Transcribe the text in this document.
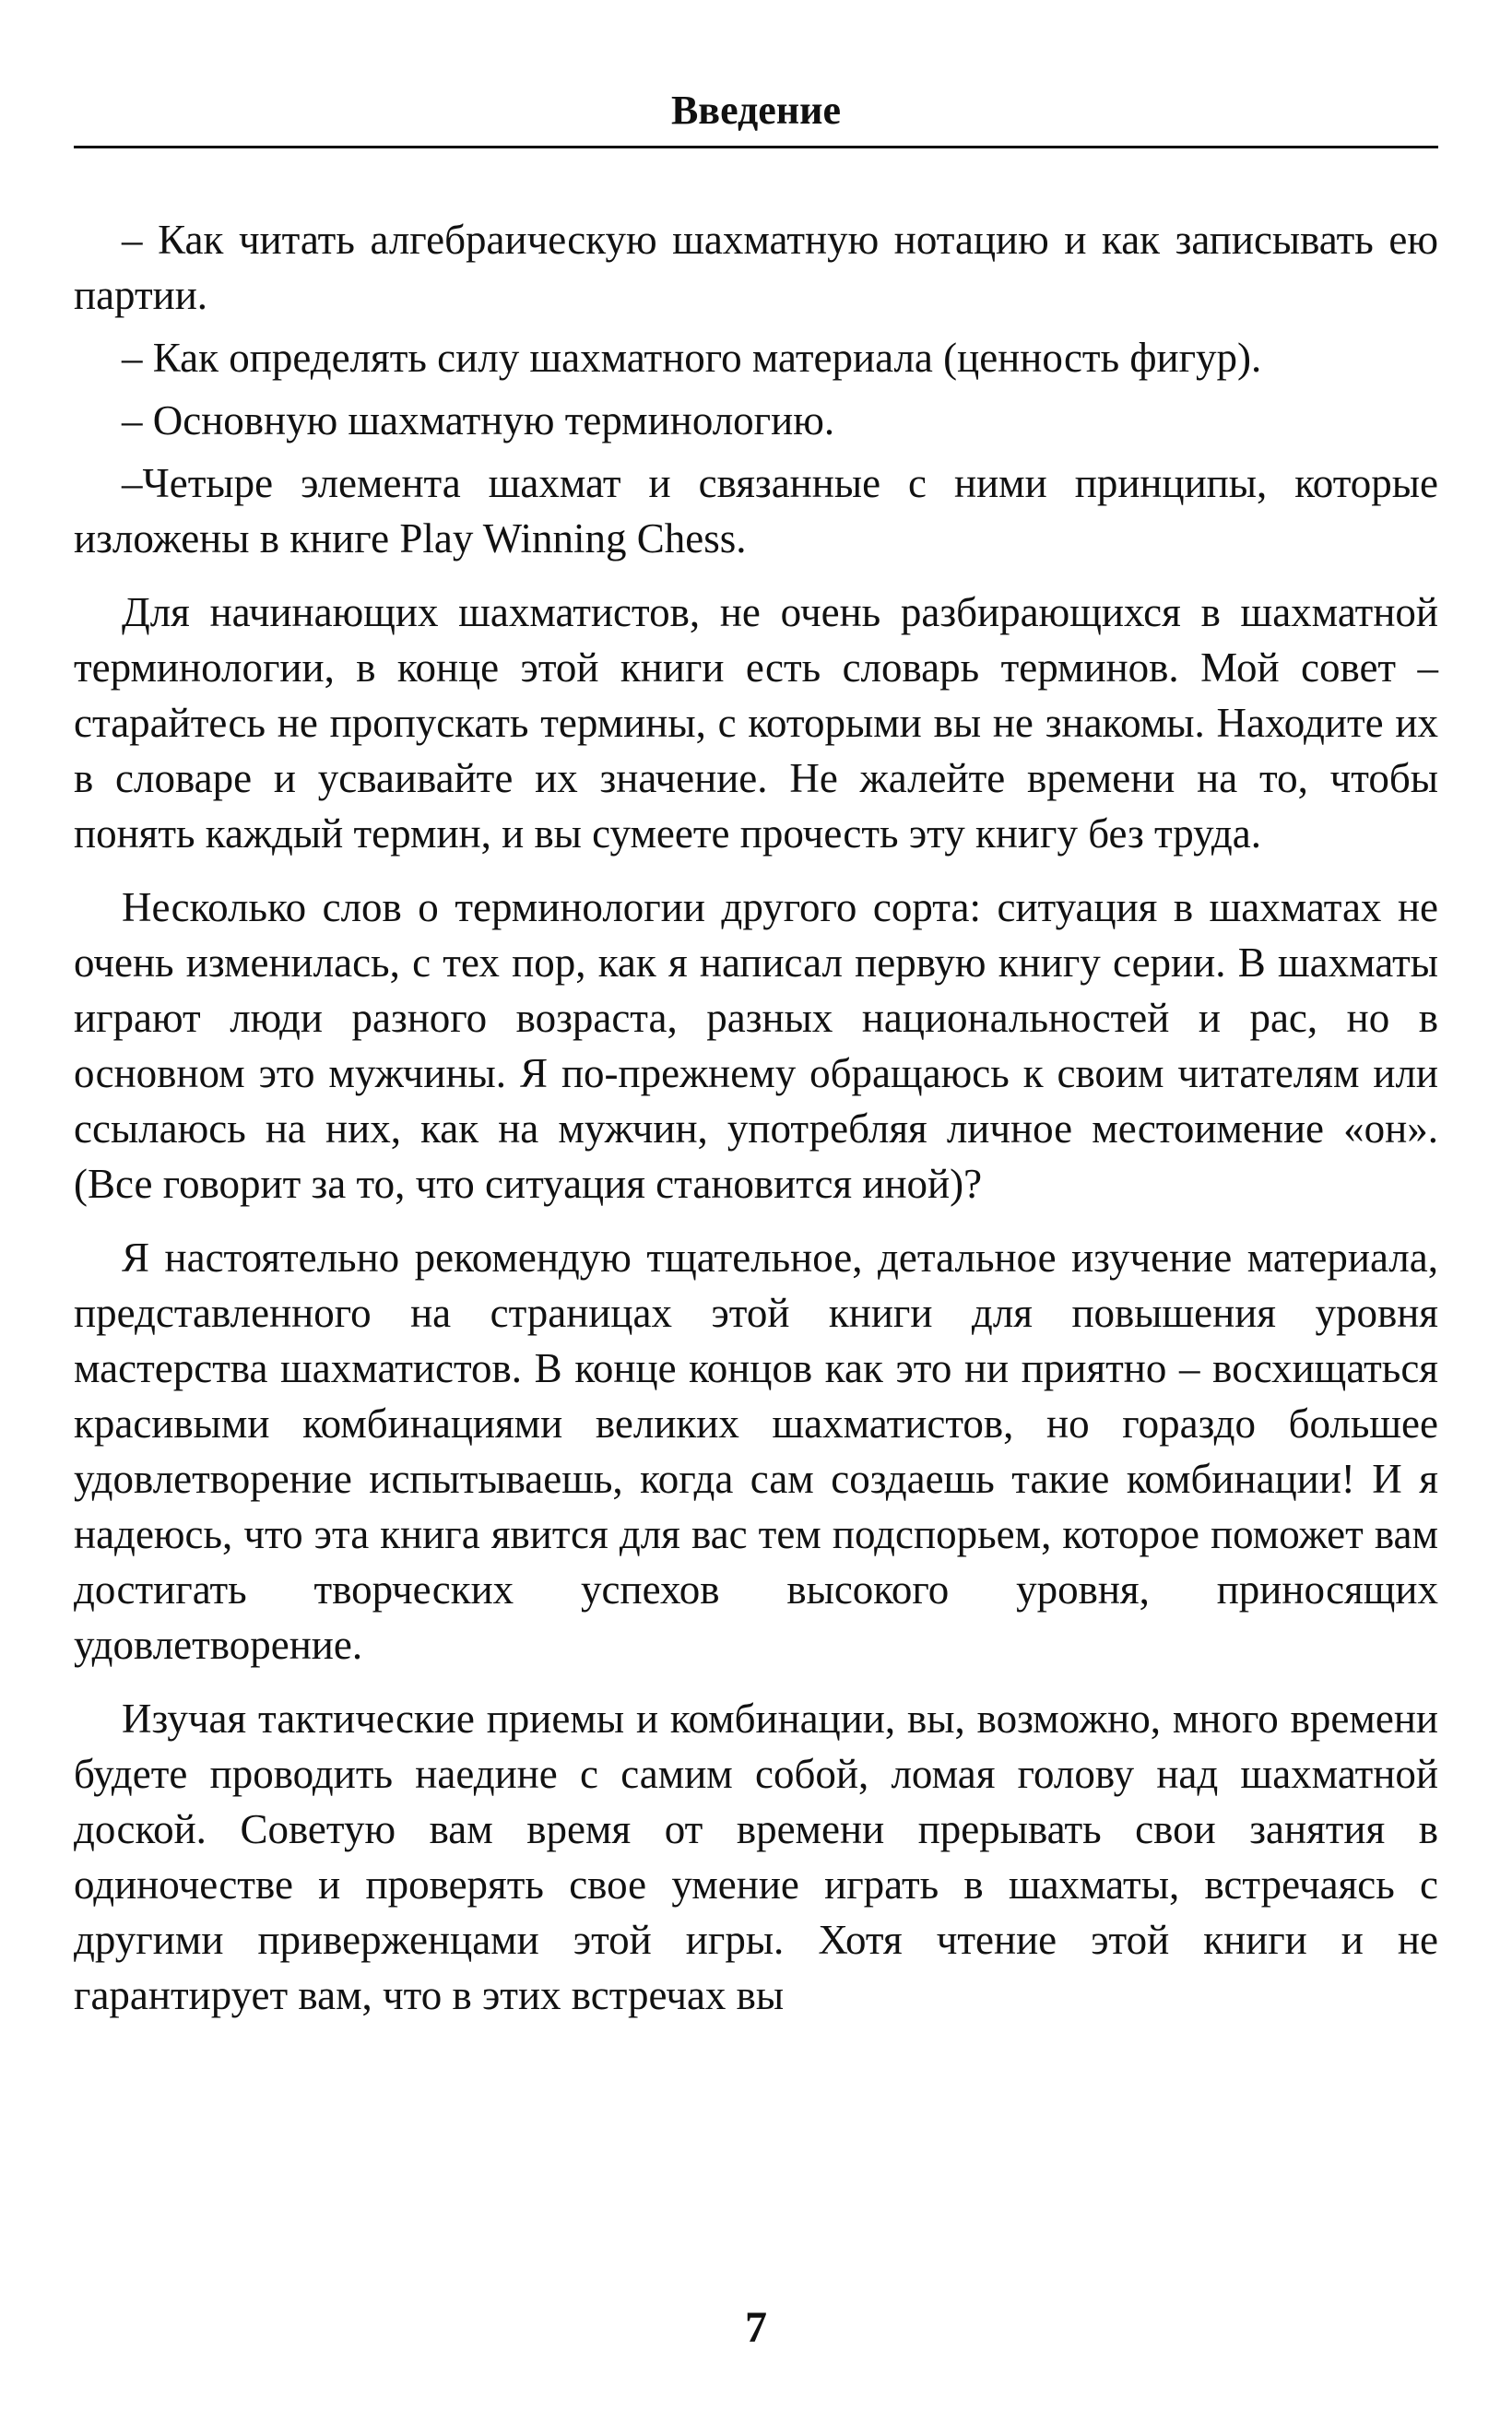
Введение

– Как читать алгебраическую шахматную нотацию и как записывать ею партии.

– Как определять силу шахматного материала (ценность фигур).

– Основную шахматную терминологию.

–Четыре элемента шахмат и связанные с ними принципы, которые изложены в книге Play Winning Chess.

Для начинающих шахматистов, не очень разбирающихся в шахматной терминологии, в конце этой книги есть словарь терминов. Мой совет – старайтесь не пропускать термины, с которыми вы не знакомы. Находите их в словаре и усваивайте их значение. Не жалейте времени на то, чтобы понять каждый термин, и вы сумеете прочесть эту книгу без труда.

Несколько слов о терминологии другого сорта: ситуация в шахматах не очень изменилась, с тех пор, как я написал первую книгу серии. В шахматы играют люди разного возраста, разных национальностей и рас, но в основном это мужчины. Я по-прежнему обращаюсь к своим читателям или ссылаюсь на них, как на мужчин, употребляя личное местоимение «он». (Все говорит за то, что ситуация становится иной)?

Я настоятельно рекомендую тщательное, детальное изучение материала, представленного на страницах этой книги для повышения уровня мастерства шахматистов. В конце концов как это ни приятно – восхищаться красивыми комбинациями великих шахматистов, но гораздо большее удовлетворение испытываешь, когда сам создаешь такие комбинации! И я надеюсь, что эта книга явится для вас тем подспорьем, которое поможет вам достигать творческих успехов высокого уровня, приносящих удовлетворение.

Изучая тактические приемы и комбинации, вы, возможно, много времени будете проводить наедине с самим собой, ломая голову над шахматной доской. Советую вам время от времени прерывать свои занятия в одиночестве и проверять свое умение играть в шахматы, встречаясь с другими приверженцами этой игры. Хотя чтение этой книги и не гарантирует вам, что в этих встречах вы

7
